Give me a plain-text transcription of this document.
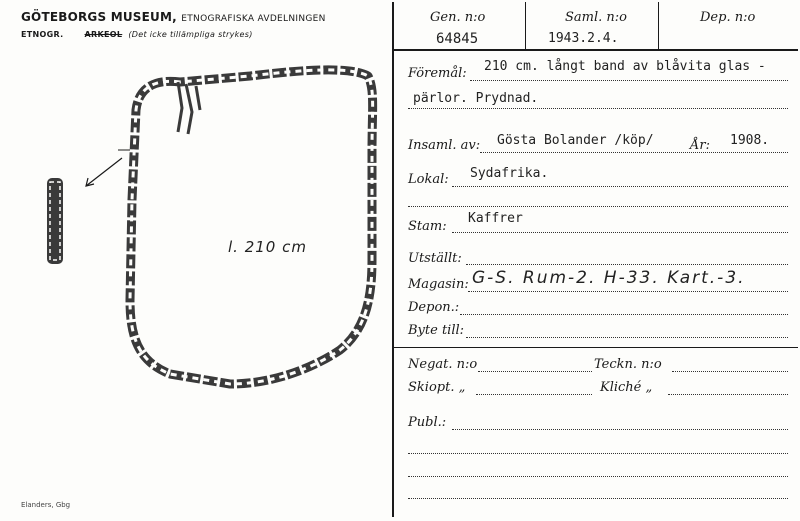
GÖTEBORGS MUSEUM, ETNOGRAFISKA AVDELNINGEN
ETNOGR.	ARKEOL (Det icke tillämpliga strykes)
l. 210 cm
Elanders, Gbg
Gen. n:o
64845
Saml. n:o
1943.2.4.
Dep. n:o
Föremål: 210 cm. långt band av blåvita glas -
pärlor. Prydnad.
Insaml. av: Gösta Bolander /köp/	År: 1908.
Lokal: Sydafrika.
Stam:
Kaffrer
Utställt:
Magasin: G-S. Rum-2. H-33. Kart.-3.
Depon.:
Byte till:
Negat. n:o	Teckn. n:o
Skiopt. „	Kliché „
Publ.:
